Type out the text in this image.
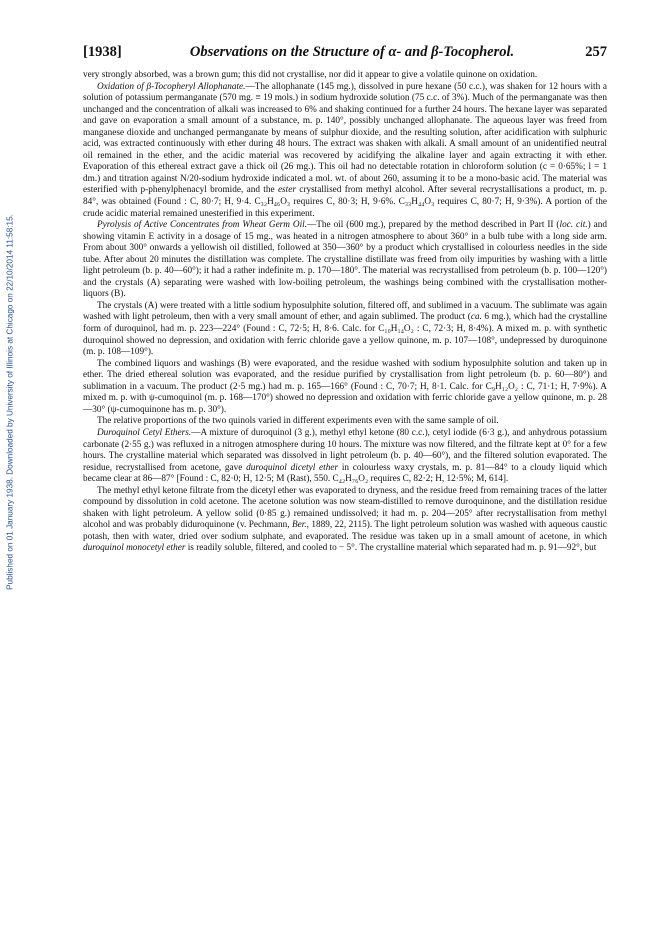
Published on 01 January 1938. Downloaded by University of Illinois at Chicago on 22/10/2014 11:58:15.
[1938]	Observations on the Structure of α- and β-Tocopherol.	257

very strongly absorbed, was a brown gum; this did not crystallise, nor did it appear to give a volatile quinone on oxidation.

Oxidation of β-Tocopheryl Allophanate.—The allophanate (145 mg.), dissolved in pure hexane (50 c.c.), was shaken for 12 hours with a solution of potassium permanganate (570 mg. ≡ 19 mols.) in sodium hydroxide solution (75 c.c. of 3%). Much of the permanganate was then unchanged and the concentration of alkali was increased to 6% and shaking continued for a further 24 hours. The hexane layer was separated and gave on evaporation a small amount of a substance, m. p. 140°, possibly unchanged allophanate. The aqueous layer was freed from manganese dioxide and unchanged permanganate by means of sulphur dioxide, and the resulting solution, after acidification with sulphuric acid, was extracted continuously with ether during 48 hours. The extract was shaken with alkali. A small amount of an unidentified neutral oil remained in the ether, and the acidic material was recovered by acidifying the alkaline layer and again extracting it with ether. Evaporation of this ethereal extract gave a thick oil (26 mg.). This oil had no detectable rotation in chloroform solution (c = 0·65%; l = 1 dm.) and titration against N/20-sodium hydroxide indicated a mol. wt. of about 260, assuming it to be a mono-basic acid. The material was esterified with p-phenylphenacyl bromide, and the ester crystallised from methyl alcohol. After several recrystallisations a product, m. p. 84°, was obtained (Found : C, 80·7; H, 9·4. C₃₂H₄₆O₃ requires C, 80·3; H, 9·6%. C₃₃H₄₄O₃ requires C, 80·7; H, 9·3%). A portion of the crude acidic material remained unesterified in this experiment.

Pyrolysis of Active Concentrates from Wheat Germ Oil.—The oil (600 mg.), prepared by the method described in Part II (loc. cit.) and showing vitamin E activity in a dosage of 15 mg., was heated in a nitrogen atmosphere to about 360° in a bulb tube with a long side arm. From about 300° onwards a yellowish oil distilled, followed at 350—360° by a product which crystallised in colourless needles in the side tube. After about 20 minutes the distillation was complete. The crystalline distillate was freed from oily impurities by washing with a little light petroleum (b. p. 40—60°); it had a rather indefinite m. p. 170—180°. The material was recrystallised from petroleum (b. p. 100—120°) and the crystals (A) separating were washed with low-boiling petroleum, the washings being combined with the crystallisation mother-liquors (B).

The crystals (A) were treated with a little sodium hyposulphite solution, filtered off, and sublimed in a vacuum. The sublimate was again washed with light petroleum, then with a very small amount of ether, and again sublimed. The product (ca. 6 mg.), which had the crystalline form of duroquinol, had m. p. 223—224° (Found : C, 72·5; H, 8·6. Calc. for C₁₀H₁₄O₂ : C, 72·3; H, 8·4%). A mixed m. p. with synthetic duroquinol showed no depression, and oxidation with ferric chloride gave a yellow quinone, m. p. 107—108°, undepressed by duroquinone (m. p. 108—109°).

The combined liquors and washings (B) were evaporated, and the residue washed with sodium hyposulphite solution and taken up in ether. The dried ethereal solution was evaporated, and the residue purified by crystallisation from light petroleum (b. p. 60—80°) and sublimation in a vacuum. The product (2·5 mg.) had m. p. 165—166° (Found : C, 70·7; H, 8·1. Calc. for C₉H₁₂O₂ : C, 71·1; H, 7·9%). A mixed m. p. with ψ-cumoquinol (m. p. 168—170°) showed no depression and oxidation with ferric chloride gave a yellow quinone, m. p. 28—30° (ψ-cumoquinone has m. p. 30°).

The relative proportions of the two quinols varied in different experiments even with the same sample of oil.

Duroquinol Cetyl Ethers.—A mixture of duroquinol (3 g.), methyl ethyl ketone (80 c.c.), cetyl iodide (6·3 g.), and anhydrous potassium carbonate (2·55 g.) was refluxed in a nitrogen atmosphere during 10 hours. The mixture was now filtered, and the filtrate kept at 0° for a few hours. The crystalline material which separated was dissolved in light petroleum (b. p. 40—60°), and the filtered solution evaporated. The residue, recrystallised from acetone, gave duroquinol dicetyl ether in colourless waxy crystals, m. p. 81—84° to a cloudy liquid which became clear at 86—87° [Found : C, 82·0; H, 12·5; M (Rast), 550. C₄₂H₇₆O₂ requires C, 82·2; H, 12·5%; M, 614].

The methyl ethyl ketone filtrate from the dicetyl ether was evaporated to dryness, and the residue freed from remaining traces of the latter compound by dissolution in cold acetone. The acetone solution was now steam-distilled to remove duroquinone, and the distillation residue shaken with light petroleum. A yellow solid (0·85 g.) remained undissolved; it had m. p. 204—205° after recrystallisation from methyl alcohol and was probably diduroquinone (v. Pechmann, Ber., 1889, 22, 2115). The light petroleum solution was washed with aqueous caustic potash, then with water, dried over sodium sulphate, and evaporated. The residue was taken up in a small amount of acetone, in which duroquinol monocetyl ether is readily soluble, filtered, and cooled to − 5°. The crystalline material which separated had m. p. 91—92°, but
